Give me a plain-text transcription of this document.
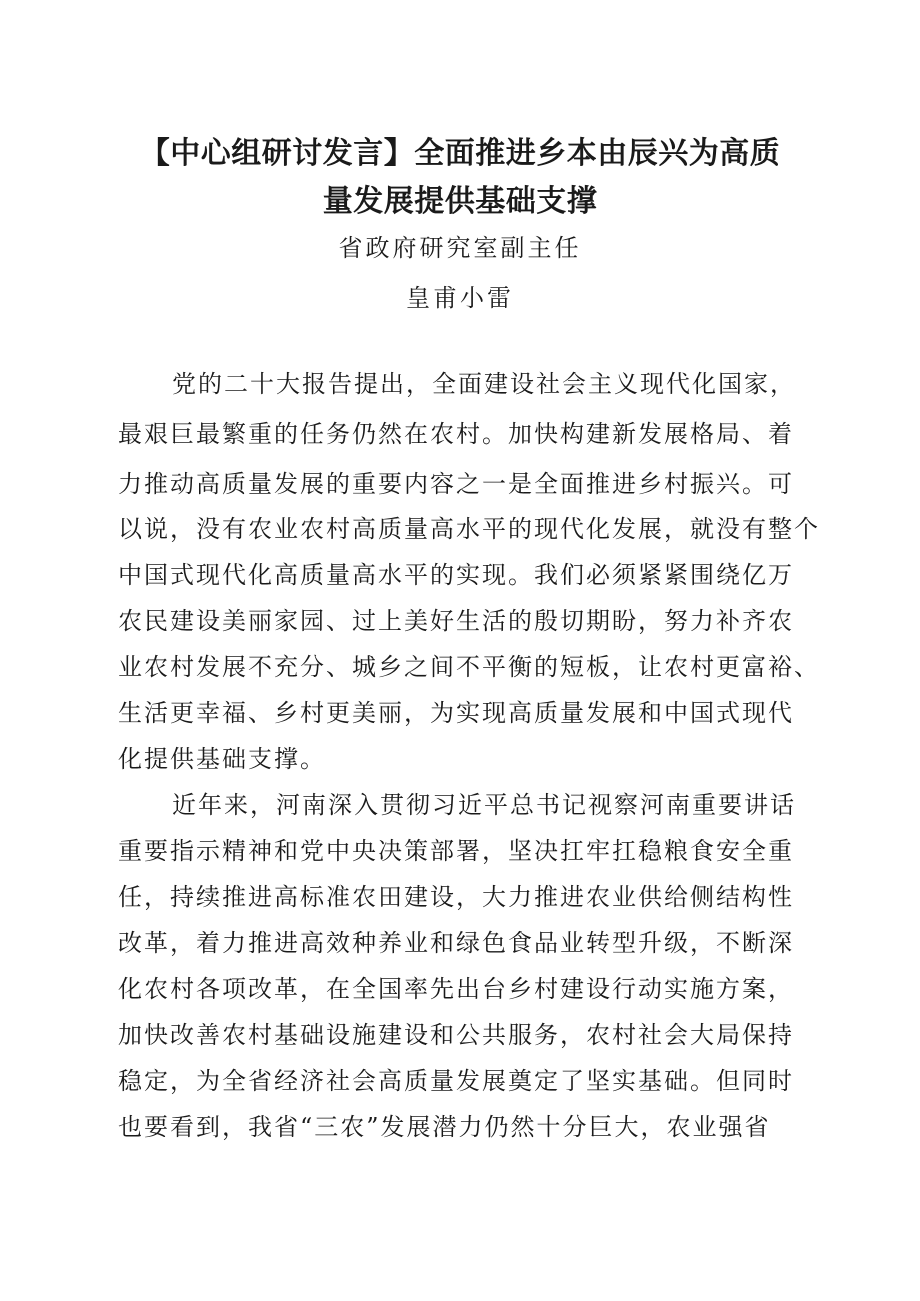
【中心组研讨发言】全面推进乡本由辰兴为高质
量发展提供基础支撑

省政府研究室副主任

皇甫小雷

党的二十大报告提出，全面建设社会主义现代化国家，

最艰巨最繁重的任务仍然在农村。加快构建新发展格局、着

力推动高质量发展的重要内容之一是全面推进乡村振兴。可

以说，没有农业农村高质量高水平的现代化发展，就没有整个

中国式现代化高质量高水平的实现。我们必须紧紧围绕亿万

农民建设美丽家园、过上美好生活的殷切期盼，努力补齐农

业农村发展不充分、城乡之间不平衡的短板，让农村更富裕、

生活更幸福、乡村更美丽，为实现高质量发展和中国式现代

化提供基础支撑。

近年来，河南深入贯彻习近平总书记视察河南重要讲话

重要指示精神和党中央决策部署，坚决扛牢扛稳粮食安全重

任，持续推进高标准农田建设，大力推进农业供给侧结构性

改革，着力推进高效种养业和绿色食品业转型升级，不断深

化农村各项改革，在全国率先出台乡村建设行动实施方案，

加快改善农村基础设施建设和公共服务，农村社会大局保持

稳定，为全省经济社会高质量发展奠定了坚实基础。但同时

也要看到，我省“三农”发展潜力仍然十分巨大，农业强省
